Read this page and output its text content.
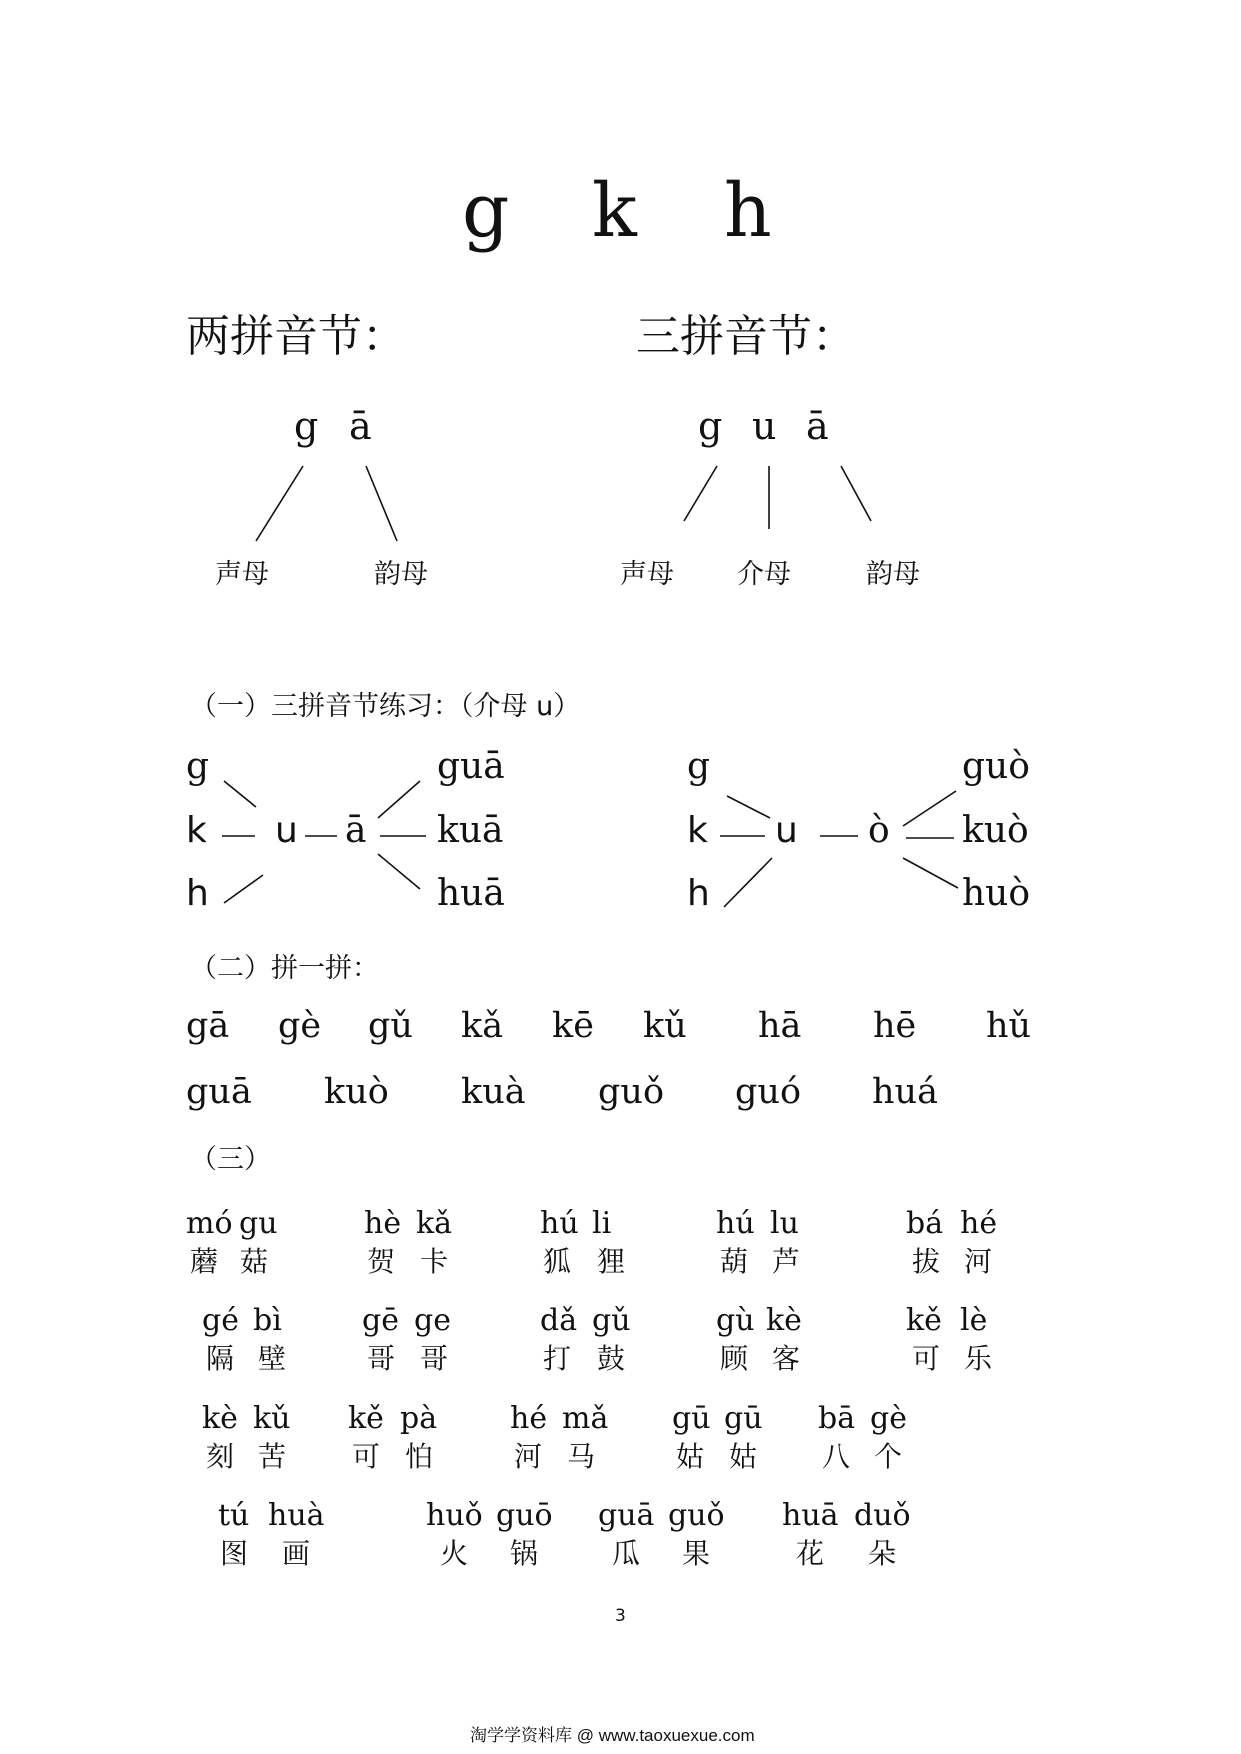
g k h
两拼音节：	三拼音节：
g ā
声母	韵母
g u ā
声母 介母	韵母
（一）三拼音节练习：（介母 u）
g
k
h
u ā
guā
kuā
huā
g
k
h
u ò
guò
kuò
huò
（二）拼一拼：
gā gè gǔ kǎ kē kǔ hā hē hǔ
guā kuò kuà guǒ guó huá
（三）
mó gu
蘑 菇
hè kǎ
贺 卡
hú li
狐 狸
hú lu
葫 芦
bá hé
拔 河
gé bì
隔 壁
gē ge
哥 哥
dǎ gǔ
打 鼓
gù kè
顾 客
kě lè
可 乐
kè kǔ
刻 苦
kě pà
可 怕
hé mǎ
河 马
gū gū
姑 姑
bā gè
八 个
tú huà
图 画
huǒ guō
火 锅
guā guǒ
瓜 果
huā duǒ
花 朵
3
淘学学资料库 @ www.taoxuexue.com
